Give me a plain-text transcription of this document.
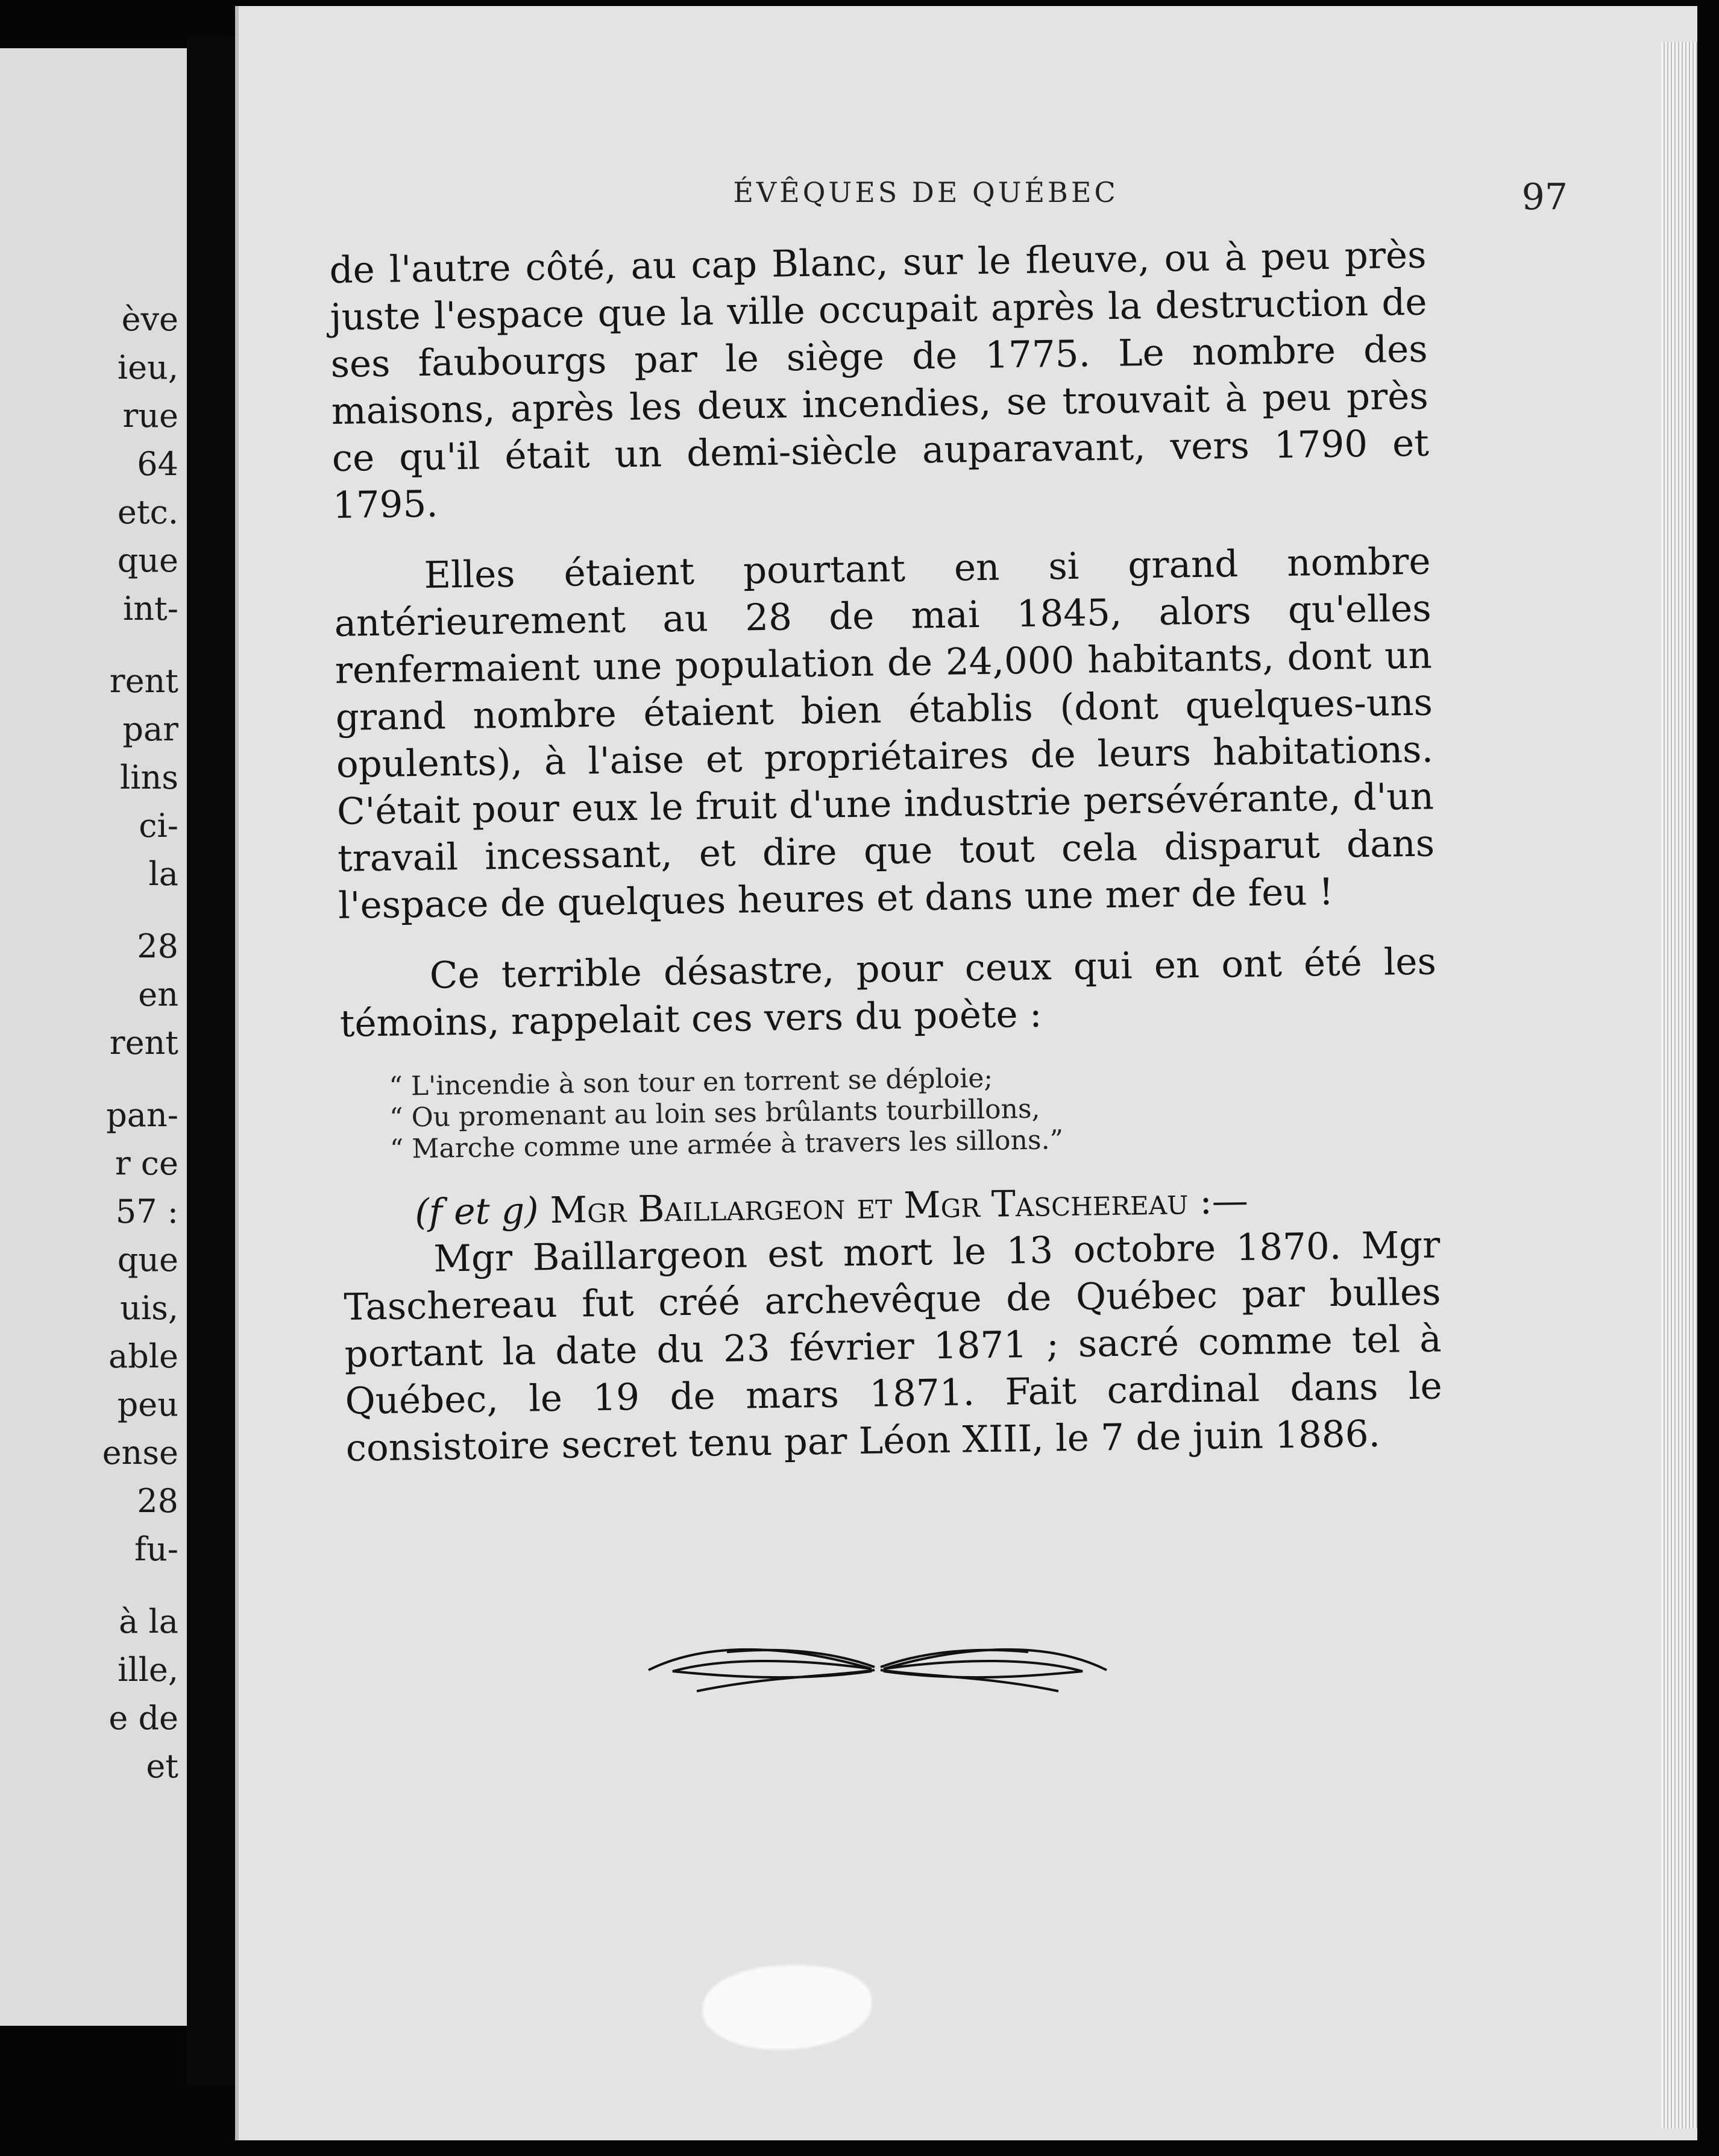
ève

ieu,

rue

64

etc.

que

int-

rent

par

lins

ci-

la

28

en

rent

pan-

r ce

57 :

que

uis,

able

peu

ense

28

fu-

à la

ille,

e de

et

ÉVÊQUES DE QUÉBEC	97

de l'autre côté, au cap Blanc, sur le fleuve, ou à peu près juste l'espace que la ville occupait après la destruction de ses faubourgs par le siège de 1775. Le nombre des maisons, après les deux incendies, se trouvait à peu près ce qu'il était un demi-siècle auparavant, vers 1790 et 1795.

Elles étaient pourtant en si grand nombre antérieurement au 28 de mai 1845, alors qu'elles renfermaient une population de 24,000 habitants, dont un grand nombre étaient bien établis (dont quelques-uns opulents), à l'aise et propriétaires de leurs habitations. C'était pour eux le fruit d'une industrie persévérante, d'un travail incessant, et dire que tout cela disparut dans l'espace de quelques heures et dans une mer de feu !

Ce terrible désastre, pour ceux qui en ont été les témoins, rappelait ces vers du poète :

“ L'incendie à son tour en torrent se déploie;
“ Ou promenant au loin ses brûlants tourbillons,
“ Marche comme une armée à travers les sillons.”
(f et g) Mgr Baillargeon et Mgr Taschereau :—

Mgr Baillargeon est mort le 13 octobre 1870. Mgr Taschereau fut créé archevêque de Québec par bulles portant la date du 23 février 1871 ; sacré comme tel à Québec, le 19 de mars 1871. Fait cardinal dans le consistoire secret tenu par Léon XIII, le 7 de juin 1886.
